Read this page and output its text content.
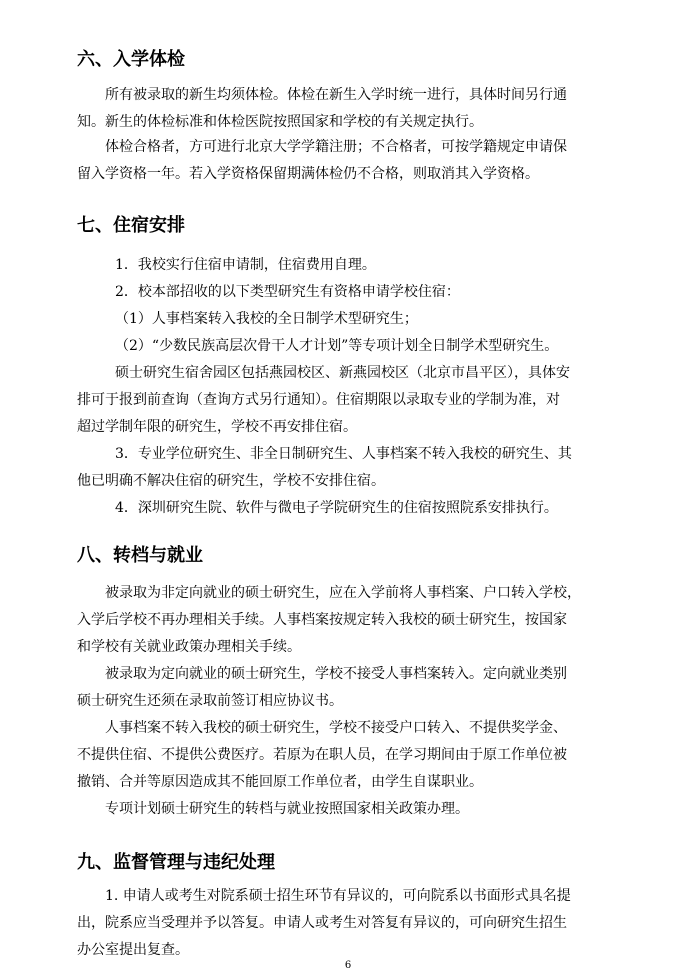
六、入学体检
所有被录取的新生均须体检。体检在新生入学时统一进行，具体时间另行通
知。新生的体检标准和体检医院按照国家和学校的有关规定执行。
体检合格者，方可进行北京大学学籍注册；不合格者，可按学籍规定申请保
留入学资格一年。若入学资格保留期满体检仍不合格，则取消其入学资格。
七、住宿安排
1．我校实行住宿申请制，住宿费用自理。
2．校本部招收的以下类型研究生有资格申请学校住宿：
（1）人事档案转入我校的全日制学术型研究生；
（2）“少数民族高层次骨干人才计划”等专项计划全日制学术型研究生。
硕士研究生宿舍园区包括燕园校区、新燕园校区（北京市昌平区），具体安
排可于报到前查询（查询方式另行通知）。住宿期限以录取专业的学制为准，对
超过学制年限的研究生，学校不再安排住宿。
3．专业学位研究生、非全日制研究生、人事档案不转入我校的研究生、其
他已明确不解决住宿的研究生，学校不安排住宿。
4．深圳研究生院、软件与微电子学院研究生的住宿按照院系安排执行。
八、转档与就业
被录取为非定向就业的硕士研究生，应在入学前将人事档案、户口转入学校，
入学后学校不再办理相关手续。人事档案按规定转入我校的硕士研究生，按国家
和学校有关就业政策办理相关手续。
被录取为定向就业的硕士研究生，学校不接受人事档案转入。定向就业类别
硕士研究生还须在录取前签订相应协议书。
人事档案不转入我校的硕士研究生，学校不接受户口转入、不提供奖学金、
不提供住宿、不提供公费医疗。若原为在职人员，在学习期间由于原工作单位被
撤销、合并等原因造成其不能回原工作单位者，由学生自谋职业。
专项计划硕士研究生的转档与就业按照国家相关政策办理。
九、监督管理与违纪处理
1. 申请人或考生对院系硕士招生环节有异议的，可向院系以书面形式具名提
出，院系应当受理并予以答复。申请人或考生对答复有异议的，可向研究生招生
办公室提出复查。
6
